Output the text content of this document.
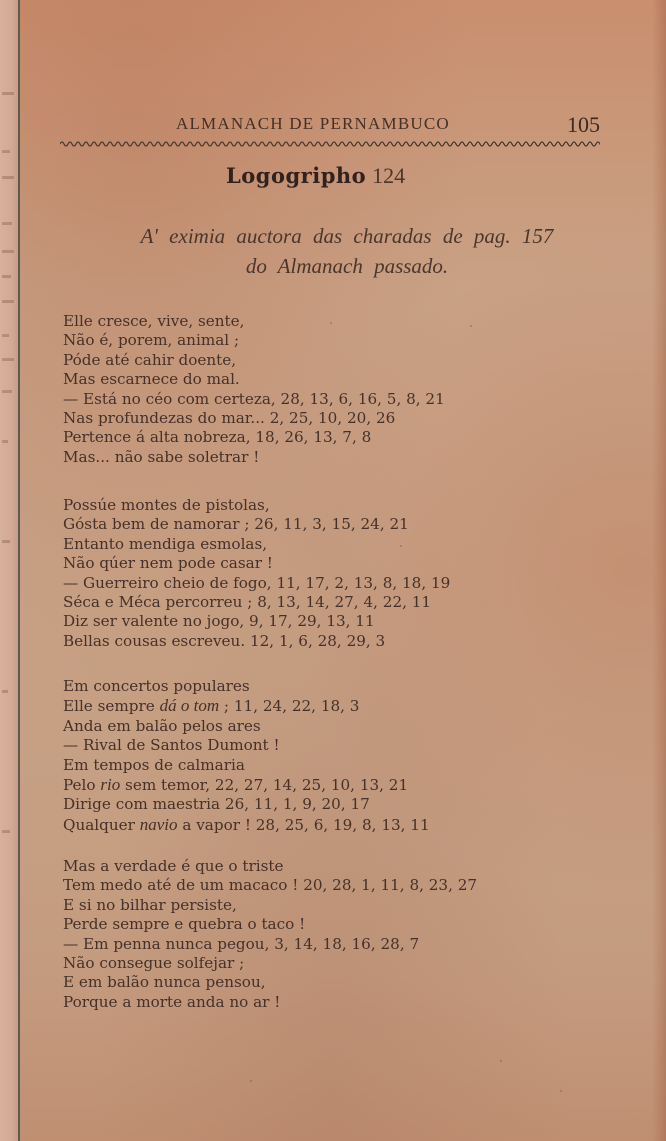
ALMANACH DE PERNAMBUCO	105
Logogripho 124
A' eximia auctora das charadas de pag. 157
do Almanach passado.
Elle cresce, vive, sente,
Não é, porem, animal ;
Póde até cahir doente,
Mas escarnece do mal.
— Está no céo com certeza, 28, 13, 6, 16, 5, 8, 21
Nas profundezas do mar... 2, 25, 10, 20, 26
Pertence á alta nobreza, 18, 26, 13, 7, 8
Mas... não sabe soletrar !
Possúe montes de pistolas,
Gósta bem de namorar ; 26, 11, 3, 15, 24, 21
Entanto mendiga esmolas,
Não qúer nem pode casar !
— Guerreiro cheio de fogo, 11, 17, 2, 13, 8, 18, 19
Séca e Méca percorreu ; 8, 13, 14, 27, 4, 22, 11
Diz ser valente no jogo, 9, 17, 29, 13, 11
Bellas cousas escreveu. 12, 1, 6, 28, 29, 3
Em concertos populares
Elle sempre dá o tom ; 11, 24, 22, 18, 3
Anda em balão pelos ares
— Rival de Santos Dumont !
Em tempos de calmaria
Pelo rio sem temor, 22, 27, 14, 25, 10, 13, 21
Dirige com maestria 26, 11, 1, 9, 20, 17
Qualquer navio a vapor ! 28, 25, 6, 19, 8, 13, 11
Mas a verdade é que o triste
Tem medo até de um macaco ! 20, 28, 1, 11, 8, 23, 27
E si no bilhar persiste,
Perde sempre e quebra o taco !
— Em penna nunca pegou, 3, 14, 18, 16, 28, 7
Não consegue solfejar ;
E em balão nunca pensou,
Porque a morte anda no ar !
